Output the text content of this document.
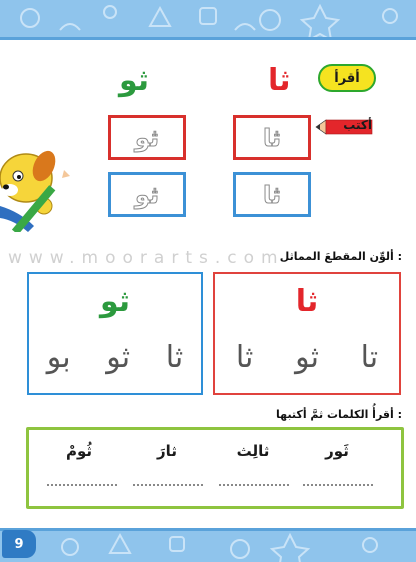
أقرأ
أكتب
ثا
ثو
ثا
ثو
ثا
ثو
ألوِّن المقطعَ المماثل :
www.moorarts.com
ثا
تا
ثو
ثا
ثو
ثا
ثو
بو
أقرأُ الكلمات ثمَّ أكتبها :
ثَور
ثالِث
ثارَ
ثُومْ
9
